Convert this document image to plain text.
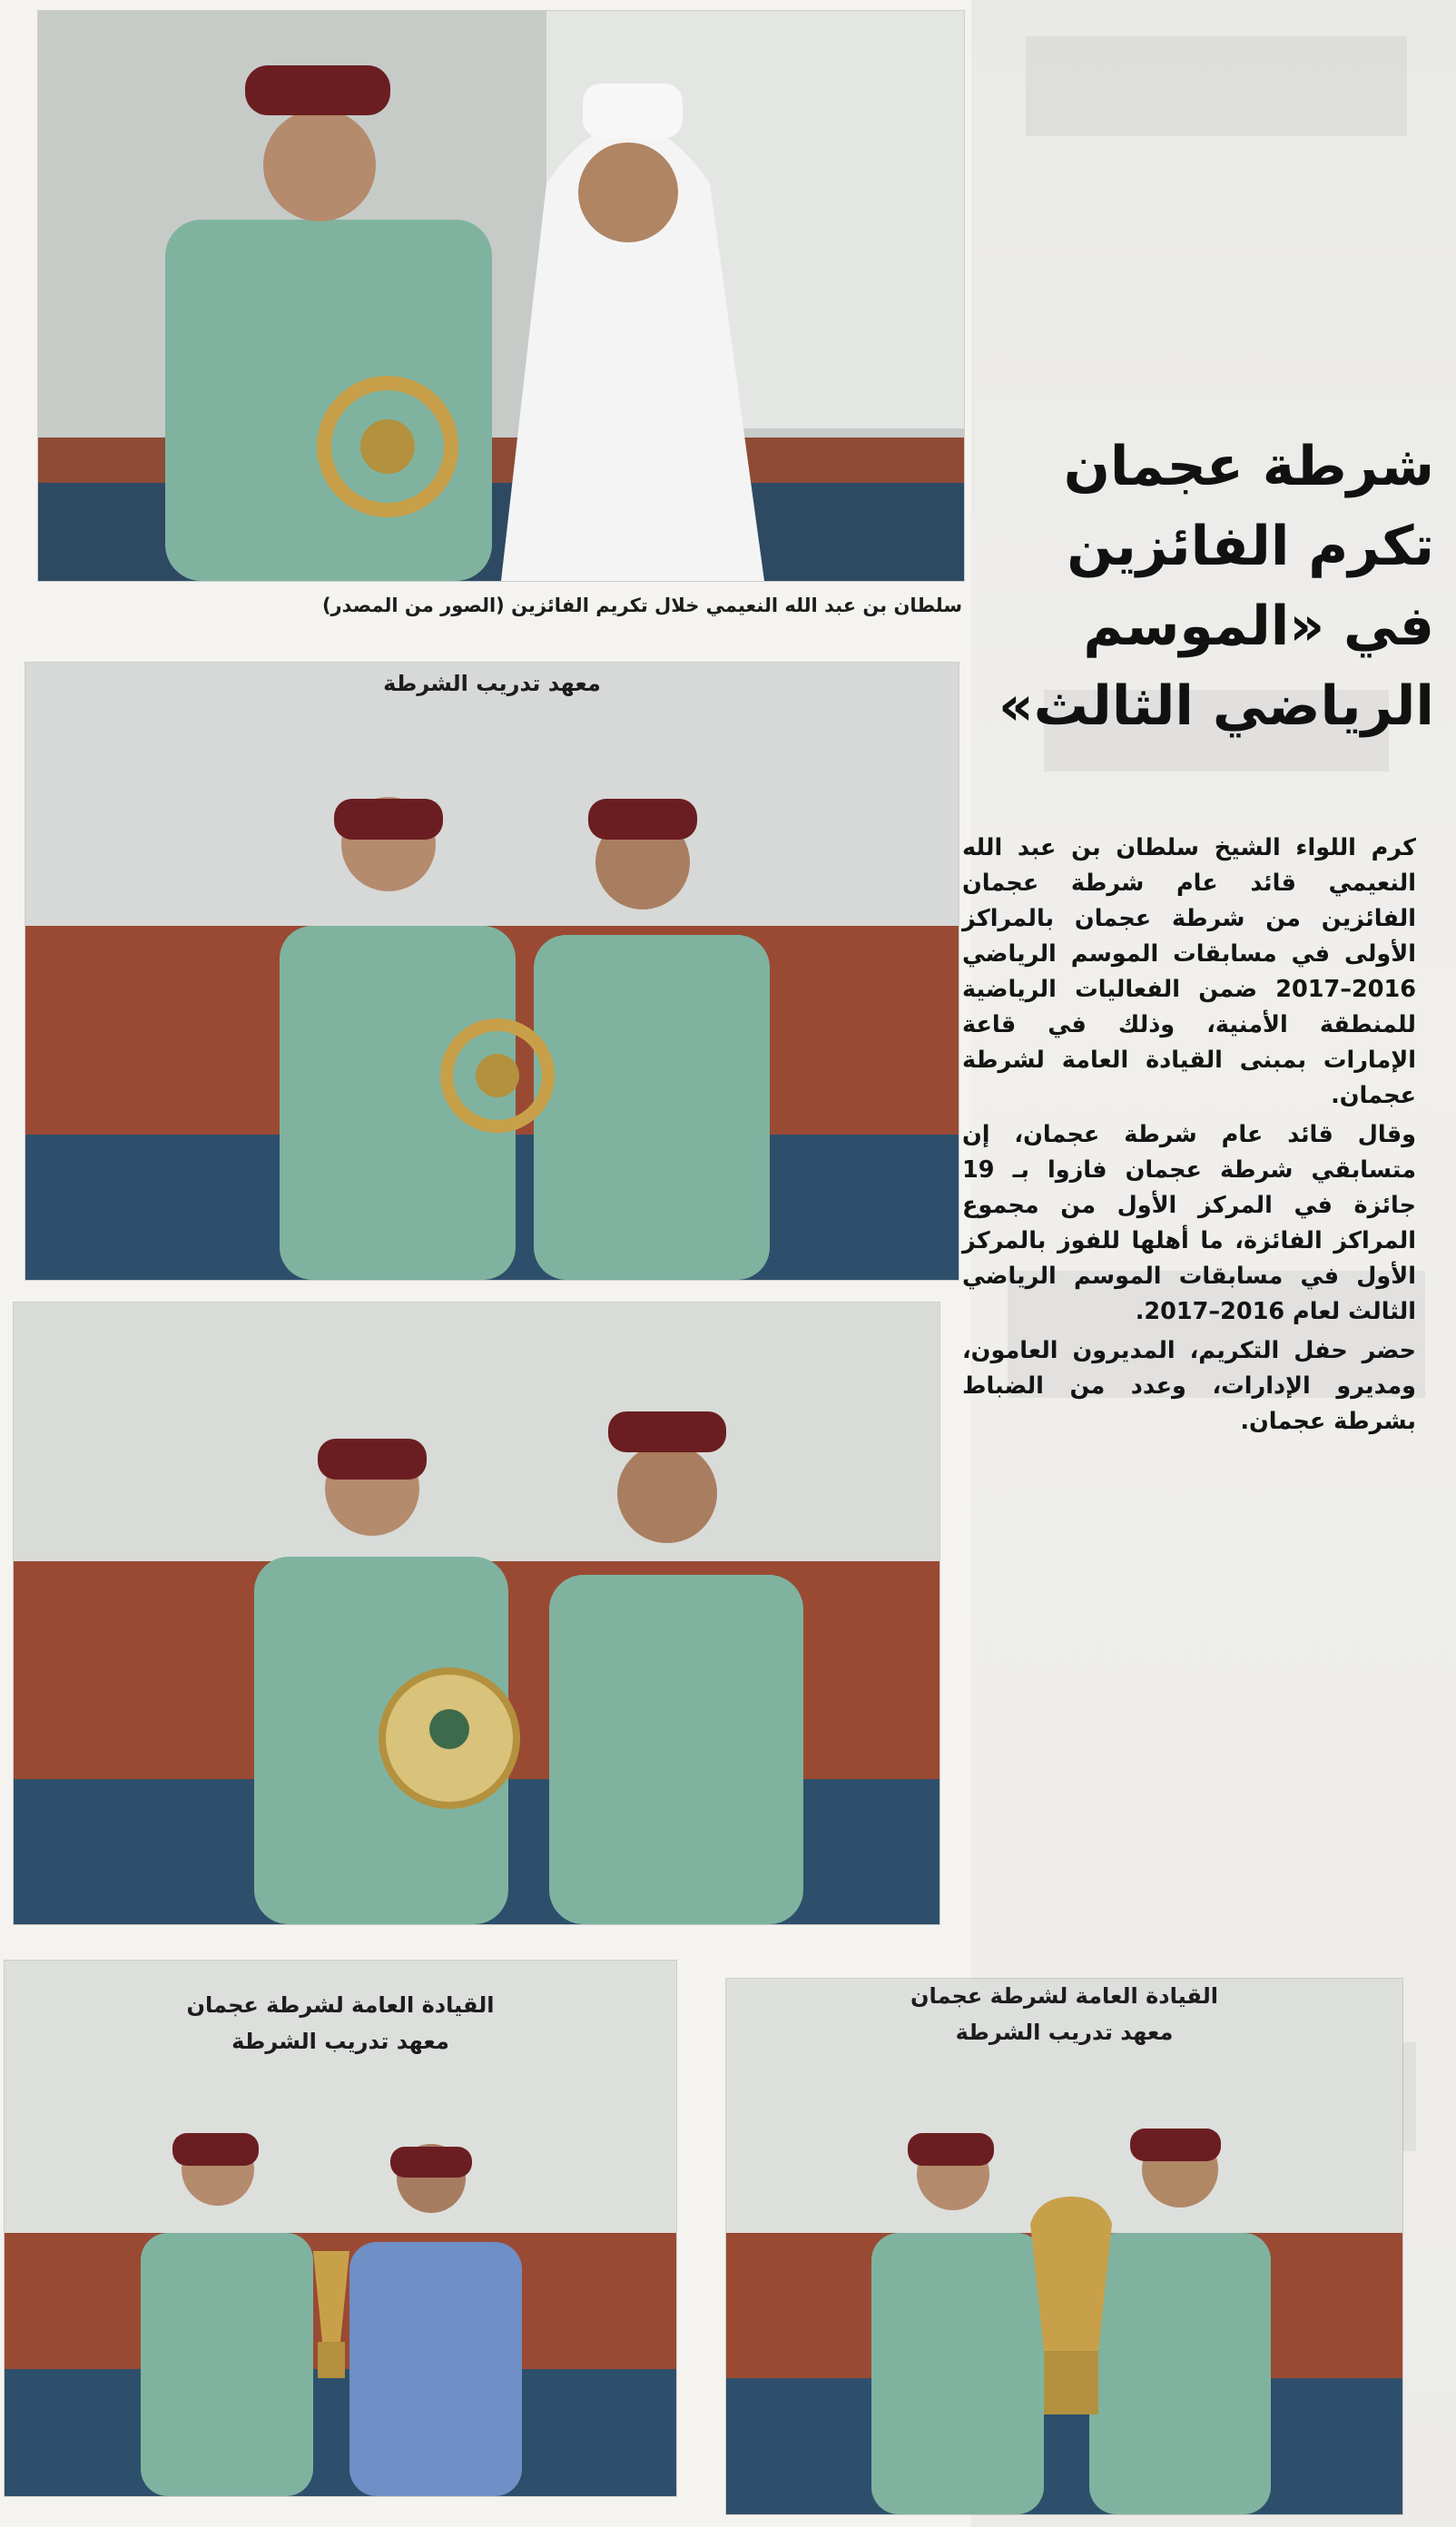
سلطان بن عبد الله النعيمي خلال تكريم الفائزين (الصور من المصدر)
شرطة عجمان
تكرم الفائزين
في «الموسم
الرياضي الثالث»

كرم اللواء الشيخ سلطان بن عبد الله النعيمي قائد عام شرطة عجمان الفائزين من شرطة عجمان بالمراكز الأولى في مسابقات الموسم الرياضي 2016–2017 ضمن الفعاليات الرياضية للمنطقة الأمنية، وذلك في قاعة الإمارات بمبنى القيادة العامة لشرطة عجمان.

وقال قائد عام شرطة عجمان، إن متسابقي شرطة عجمان فازوا بـ 19 جائزة في المركز الأول من مجموع المراكز الفائزة، ما أهلها للفوز بالمركز الأول في مسابقات الموسم الرياضي الثالث لعام 2016–2017.

حضر حفل التكريم، المديرون العامون، ومديرو الإدارات، وعدد من الضباط بشرطة عجمان.

معهد تدريب الشرطة
القيادة العامة لشرطة عجمان
معهد تدريب الشرطة
القيادة العامة لشرطة عجمان
معهد تدريب الشرطة
